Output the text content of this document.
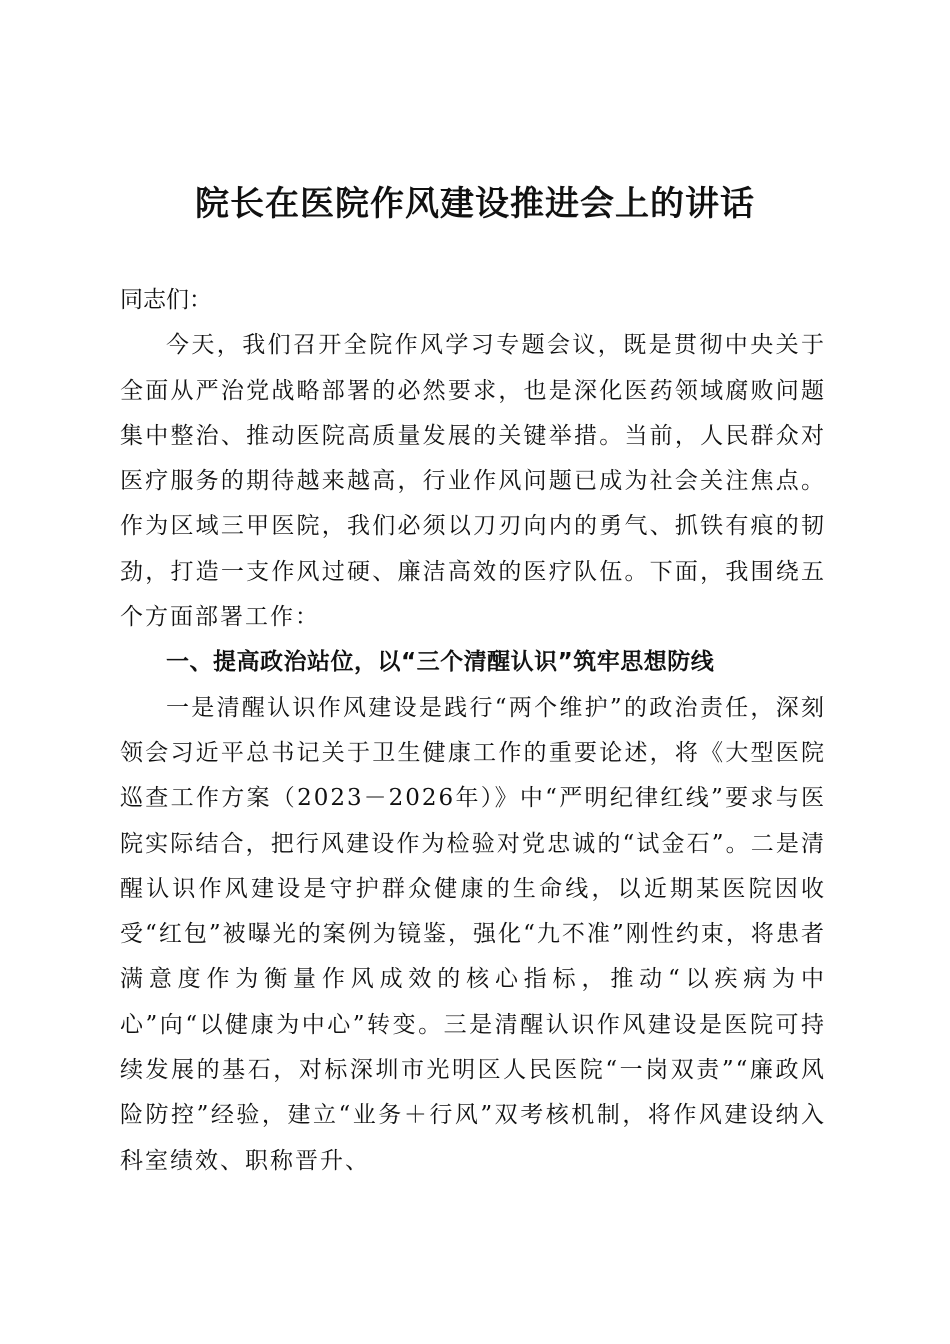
院长在医院作风建设推进会上的讲话

同志们：

今天，我们召开全院作风学习专题会议，既是贯彻中央关于全面从严治党战略部署的必然要求，也是深化医药领域腐败问题集中整治、推动医院高质量发展的关键举措。当前，人民群众对医疗服务的期待越来越高，行业作风问题已成为社会关注焦点。作为区域三甲医院，我们必须以刀刃向内的勇气、抓铁有痕的韧劲，打造一支作风过硬、廉洁高效的医疗队伍。下面，我围绕五个方面部署工作：

一、提高政治站位，以“三个清醒认识”筑牢思想防线

一是清醒认识作风建设是践行“两个维护”的政治责任，深刻领会习近平总书记关于卫生健康工作的重要论述，将《大型医院巡查工作方案（2023－2026年）》中“严明纪律红线”要求与医院实际结合，把行风建设作为检验对党忠诚的“试金石”。二是清醒认识作风建设是守护群众健康的生命线，以近期某医院因收受“红包”被曝光的案例为镜鉴，强化“九不准”刚性约束，将患者满意度作为衡量作风成效的核心指标，推动“以疾病为中心”向“以健康为中心”转变。三是清醒认识作风建设是医院可持续发展的基石，对标深圳市光明区人民医院“一岗双责”“廉政风险防控”经验，建立“业务＋行风”双考核机制，将作风建设纳入科室绩效、职称晋升、
